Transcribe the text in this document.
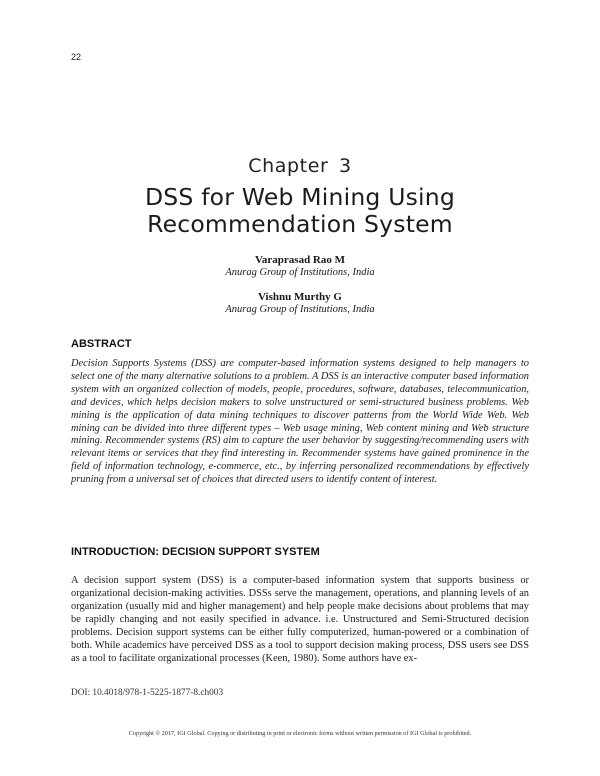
22
Chapter 3
DSS for Web Mining Using
Recommendation System
Varaprasad Rao M
Anurag Group of Institutions, India
Vishnu Murthy G
Anurag Group of Institutions, India
ABSTRACT
Decision Supports Systems (DSS) are computer-based information systems designed to help managers to select one of the many alternative solutions to a problem. A DSS is an interactive computer based information system with an organized collection of models, people, procedures, software, databases, telecommunication, and devices, which helps decision makers to solve unstructured or semi-structured business problems. Web mining is the application of data mining techniques to discover patterns from the World Wide Web. Web mining can be divided into three different types – Web usage mining, Web content mining and Web structure mining. Recommender systems (RS) aim to capture the user behavior by suggesting/recommending users with relevant items or services that they find interesting in. Recommender systems have gained prominence in the field of information technology, e-commerce, etc., by inferring personalized recommendations by effectively pruning from a universal set of choices that directed users to identify content of interest.
INTRODUCTION: DECISION SUPPORT SYSTEM
A decision support system (DSS) is a computer-based information system that supports business or organizational decision-making activities. DSSs serve the management, operations, and planning levels of an organization (usually mid and higher management) and help people make decisions about problems that may be rapidly changing and not easily specified in advance. i.e. Unstructured and Semi-Structured decision problems. Decision support systems can be either fully computerized, human-powered or a combination of both. While academics have perceived DSS as a tool to support decision making process, DSS users see DSS as a tool to facilitate organizational processes (Keen, 1980). Some authors have ex-
DOI: 10.4018/978-1-5225-1877-8.ch003
Copyright © 2017, IGI Global. Copying or distributing in print or electronic forms without written permission of IGI Global is prohibited.
